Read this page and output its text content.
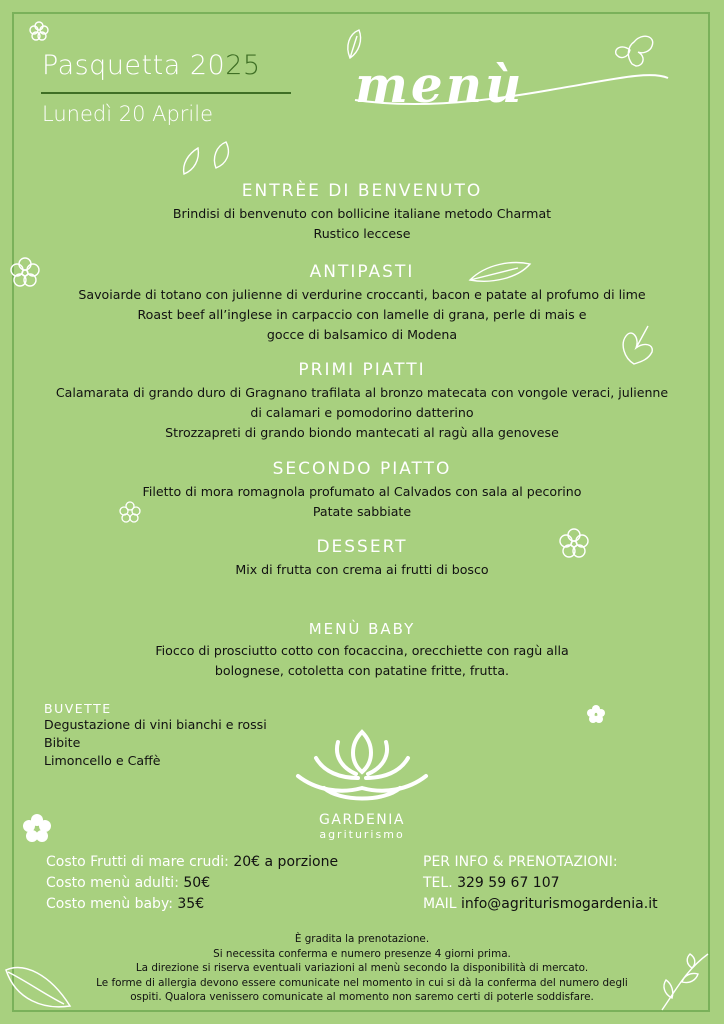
Pasquetta 2025
Lunedì 20 Aprile	menù
ENTRÈE DI BENVENUTO

Brindisi di benvenuto con bollicine italiane metodo Charmat

Rustico leccese

ANTIPASTI

Savoiarde di totano con julienne di verdurine croccanti, bacon e patate al profumo di lime

Roast beef all’inglese in carpaccio con lamelle di grana, perle di mais e

gocce di balsamico di Modena

PRIMI PIATTI

Calamarata di grando duro di Gragnano trafilata al bronzo matecata con vongole veraci, julienne

di calamari e pomodorino datterino

Strozzapreti di grando biondo mantecati al ragù alla genovese

SECONDO PIATTO

Filetto di mora romagnola profumato al Calvados con sala al pecorino

Patate sabbiate

DESSERT

Mix di frutta con crema ai frutti di bosco

MENÙ BABY

Fiocco di prosciutto cotto con focaccina, orecchiette con ragù alla

bolognese, cotoletta con patatine fritte, frutta.

BUVETTE
Degustazione di vini bianchi e rossi
Bibite
Limoncello e Caffè
GARDENIA
agriturismo
Costo Frutti di mare crudi: 20€ a porzione
Costo menù adulti: 50€
Costo menù baby: 35€
PER INFO & PRENOTAZIONI:
TEL. 329 59 67 107
MAIL info@agriturismogardenia.it
È gradita la prenotazione.
Si necessita conferma e numero presenze 4 giorni prima.
La direzione si riserva eventuali variazioni al menù secondo la disponibilità di mercato.
Le forme di allergia devono essere comunicate nel momento in cui si dà la conferma del numero degli
ospiti. Qualora venissero comunicate al momento non saremo certi di poterle soddisfare.
